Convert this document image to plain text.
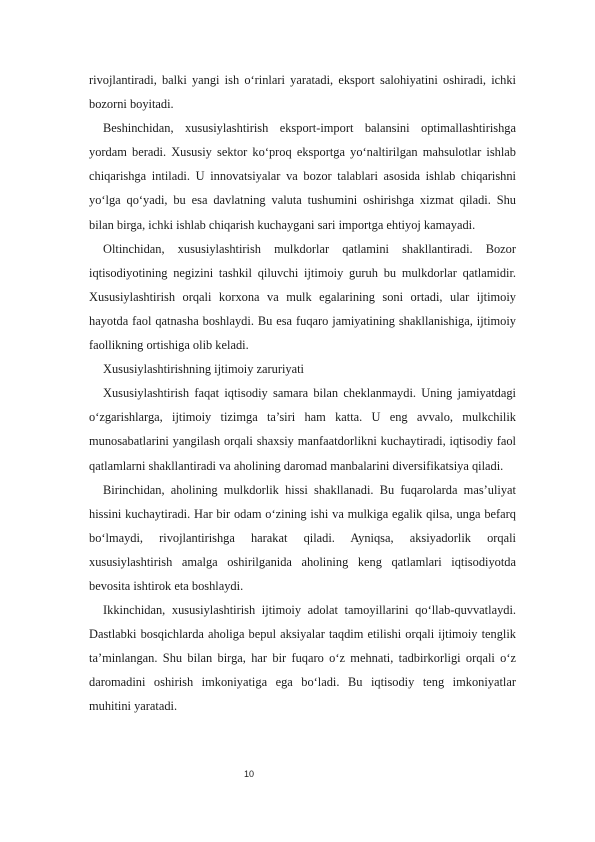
rivojlantiradi, balki yangi ish o‘rinlari yaratadi, eksport salohiyatini oshiradi, ichki bozorni boyitadi.

Beshinchidan, xususiylashtirish eksport-import balansini optimallashtirishga yordam beradi. Xususiy sektor ko‘proq eksportga yo‘naltirilgan mahsulotlar ishlab chiqarishga intiladi. U innovatsiyalar va bozor talablari asosida ishlab chiqarishni yo‘lga qo‘yadi, bu esa davlatning valuta tushumini oshirishga xizmat qiladi. Shu bilan birga, ichki ishlab chiqarish kuchaygani sari importga ehtiyoj kamayadi.

Oltinchidan, xususiylashtirish mulkdorlar qatlamini shakllantiradi. Bozor iqtisodiyotining negizini tashkil qiluvchi ijtimoiy guruh bu mulkdorlar qatlamidir. Xususiylashtirish orqali korxona va mulk egalarining soni ortadi, ular ijtimoiy hayotda faol qatnasha boshlaydi. Bu esa fuqaro jamiyatining shakllanishiga, ijtimoiy faollikning ortishiga olib keladi.

Xususiylashtirishning ijtimoiy zaruriyati

Xususiylashtirish faqat iqtisodiy samara bilan cheklanmaydi. Uning jamiyatdagi o‘zgarishlarga, ijtimoiy tizimga ta’siri ham katta. U eng avvalo, mulkchilik munosabatlarini yangilash orqali shaxsiy manfaatdorlikni kuchaytiradi, iqtisodiy faol qatlamlarni shakllantiradi va aholining daromad manbalarini diversifikatsiya qiladi.

Birinchidan, aholining mulkdorlik hissi shakllanadi. Bu fuqarolarda mas’uliyat hissini kuchaytiradi. Har bir odam o‘zining ishi va mulkiga egalik qilsa, unga befarq bo‘lmaydi, rivojlantirishga harakat qiladi. Ayniqsa, aksiyadorlik orqali xususiylashtirish amalga oshirilganida aholining keng qatlamlari iqtisodiyotda bevosita ishtirok eta boshlaydi.

Ikkinchidan, xususiylashtirish ijtimoiy adolat tamoyillarini qo‘llab-quvvatlaydi. Dastlabki bosqichlarda aholiga bepul aksiyalar taqdim etilishi orqali ijtimoiy tenglik ta’minlangan. Shu bilan birga, har bir fuqaro o‘z mehnati, tadbirkorligi orqali o‘z daromadini oshirish imkoniyatiga ega bo‘ladi. Bu iqtisodiy teng imkoniyatlar muhitini yaratadi.

10
